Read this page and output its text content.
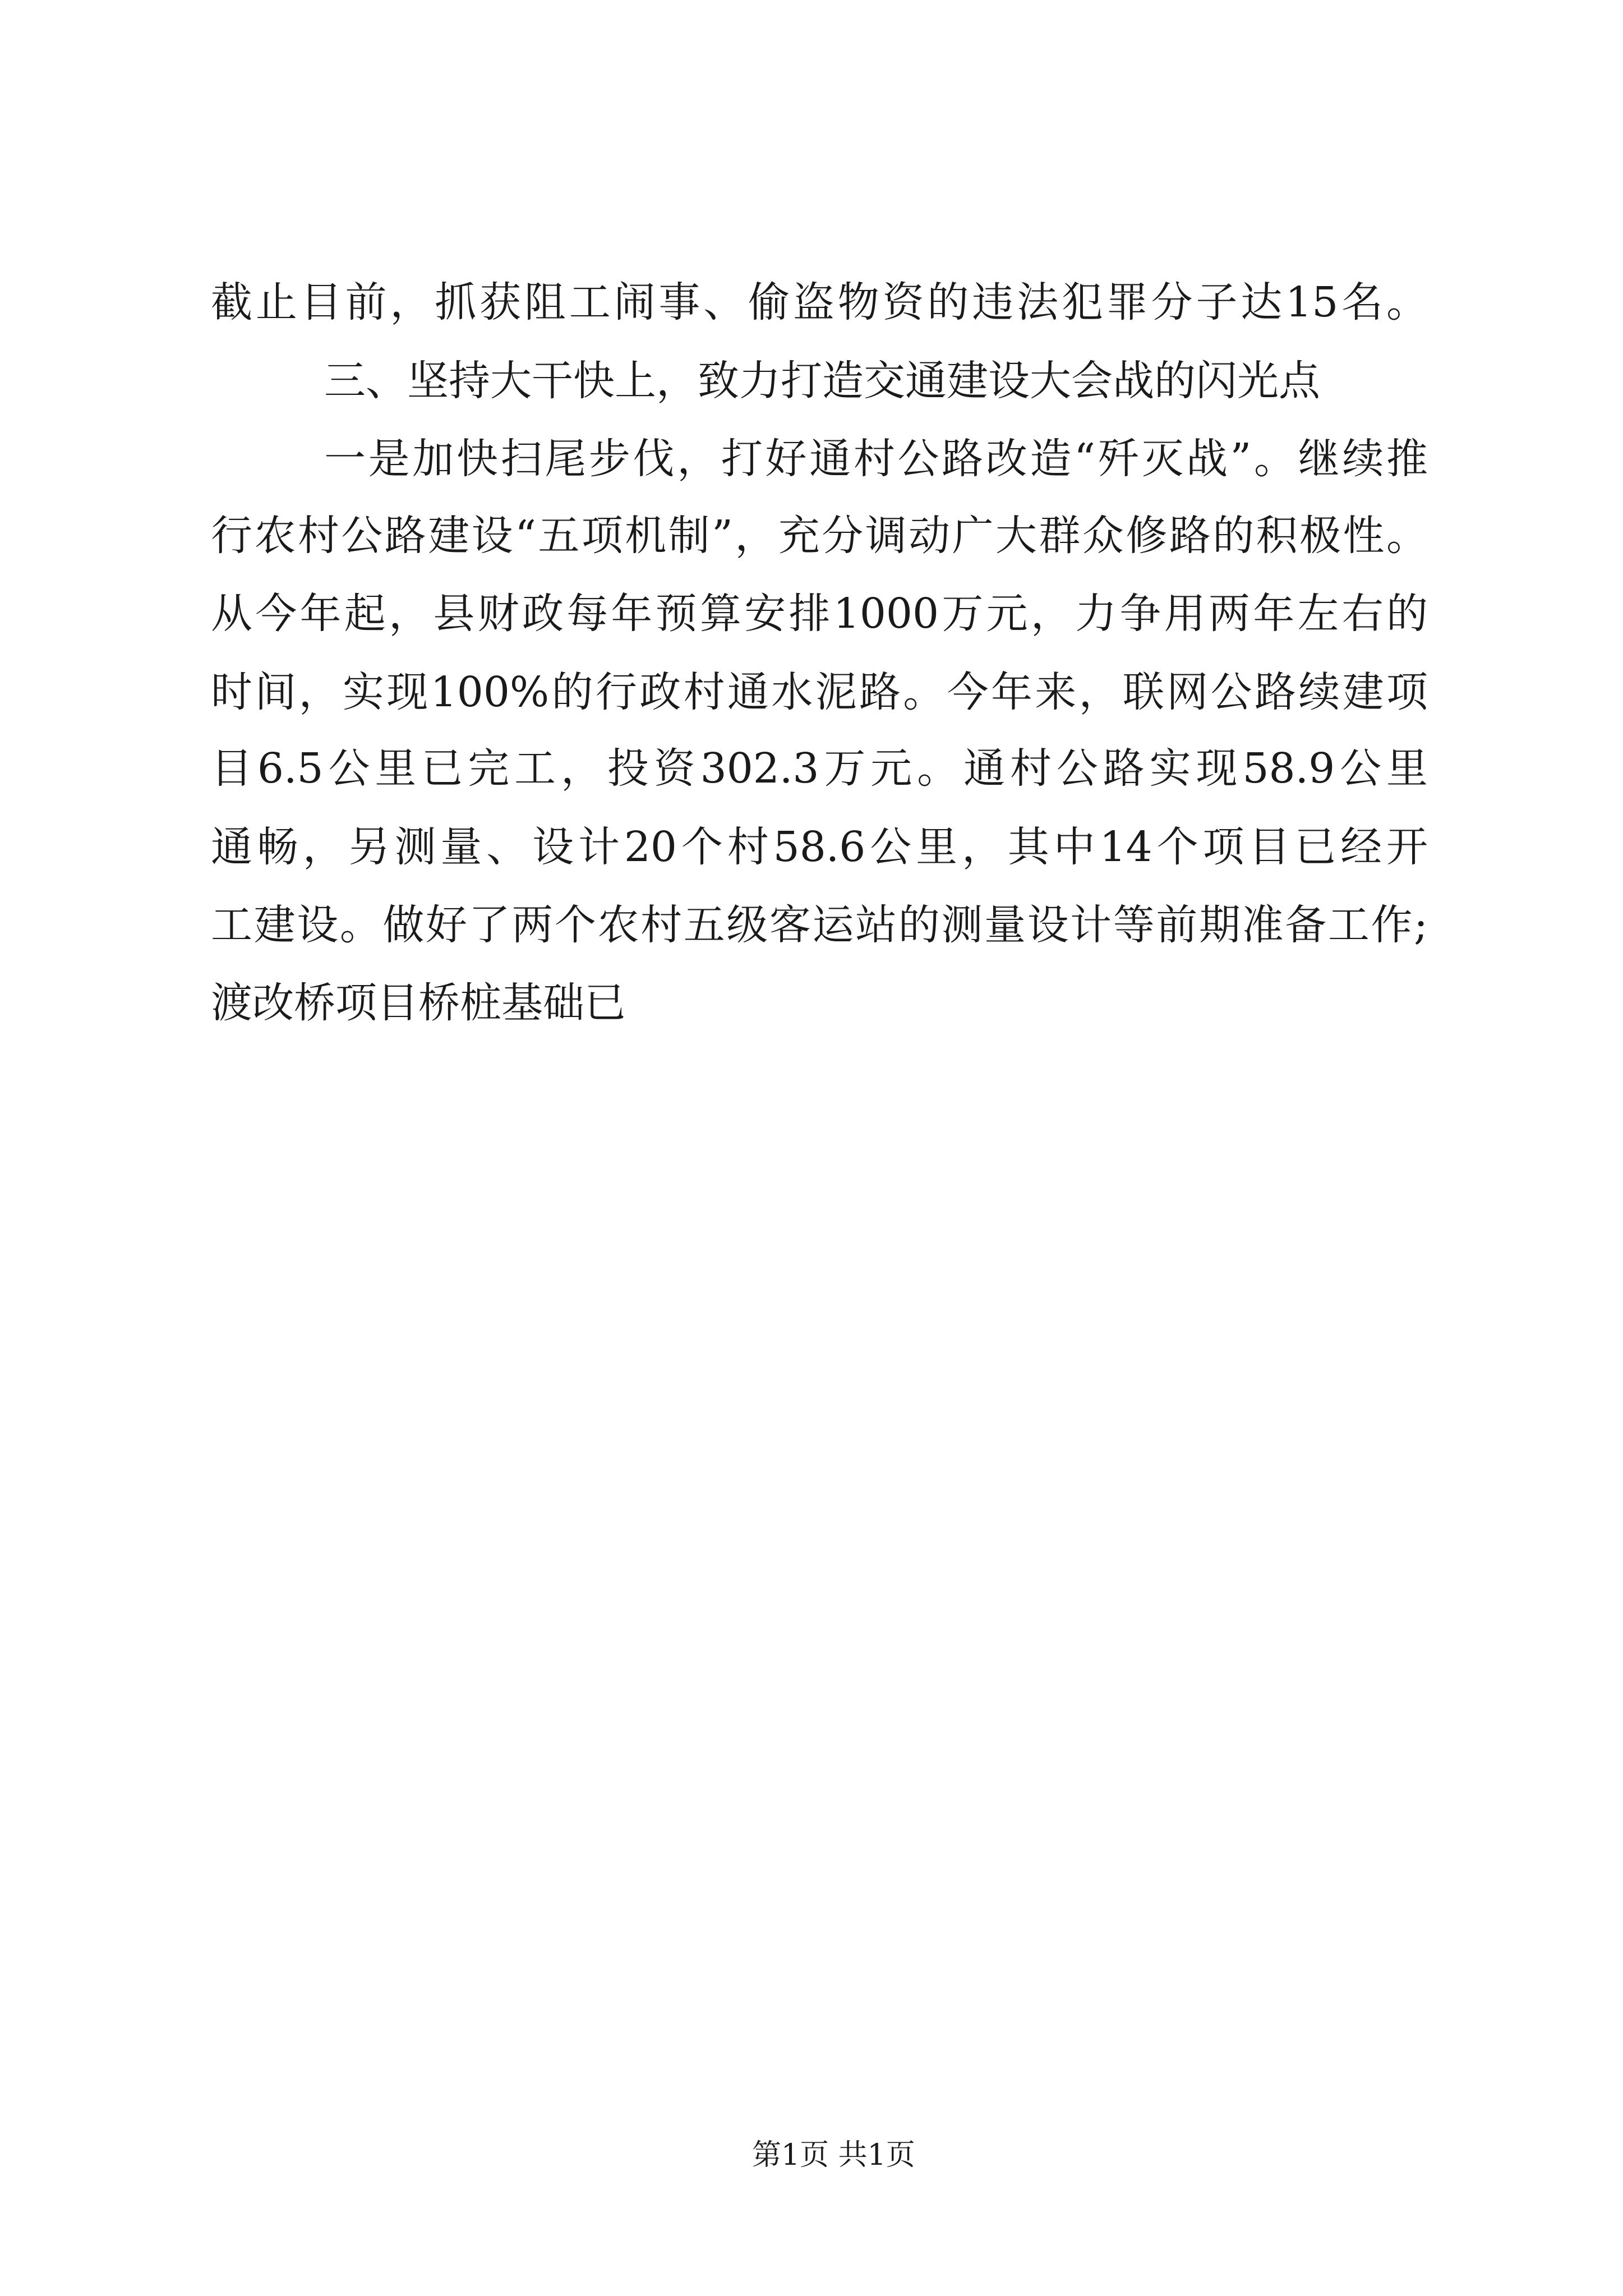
截止目前，抓获阻工闹事、偷盗物资的违法犯罪分子达15名。
三、坚持大干快上，致力打造交通建设大会战的闪光点
一是加快扫尾步伐，打好通村公路改造“歼灭战”。继续推
行农村公路建设“五项机制”，充分调动广大群众修路的积极性。
从今年起，县财政每年预算安排1000万元，力争用两年左右的
时间，实现100%的行政村通水泥路。今年来，联网公路续建项
目6.5公里已完工，投资302.3万元。通村公路实现58.9公里
通畅，另测量、设计20个村58.6公里，其中14个项目已经开
工建设。做好了两个农村五级客运站的测量设计等前期准备工作;
渡改桥项目桥桩基础已
第1页 共1页
